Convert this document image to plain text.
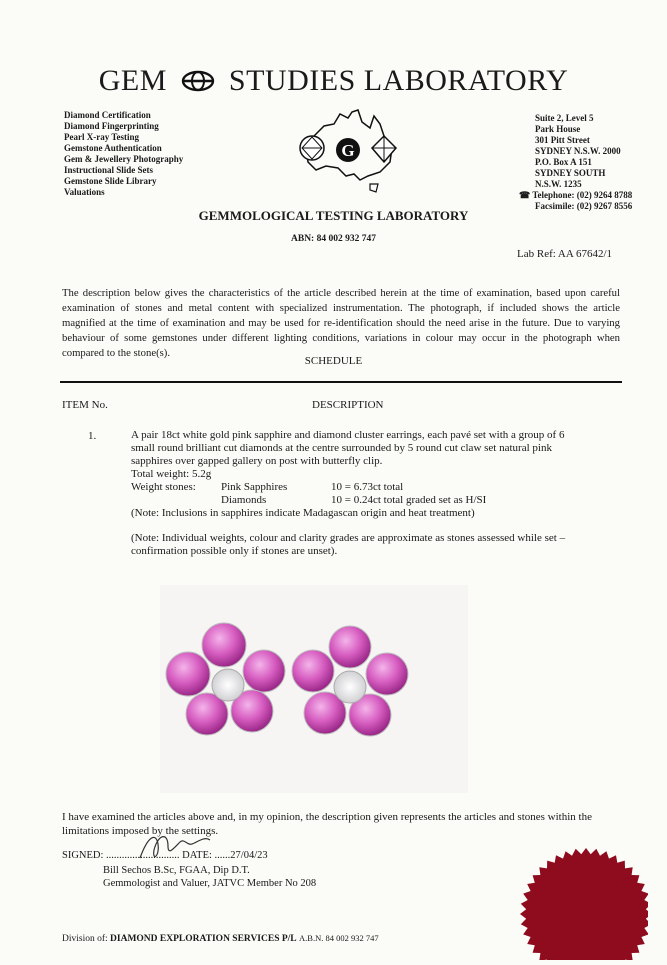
GEM STUDIES LABORATORY
Diamond Certification
Diamond Fingerprinting
Pearl X-ray Testing
Gemstone Authentication
Gem & Jewellery Photography
Instructional Slide Sets
Gemstone Slide Library
Valuations
G
Suite 2, Level 5
Park House
301 Pitt Street
SYDNEY N.S.W. 2000
P.O. Box A 151
SYDNEY SOUTH
N.S.W. 1235
☎ Telephone: (02) 9264 8788
Facsimile: (02) 9267 8556
GEMMOLOGICAL TESTING LABORATORY
ABN: 84 002 932 747
Lab Ref: AA 67642/1
The description below gives the characteristics of the article described herein at the time of examination, based upon careful examination of stones and metal content with specialized instrumentation. The photograph, if included shows the article magnified at the time of examination and may be used for re-identification should the need arise in the future. Due to varying behaviour of some gemstones under different lighting conditions, variations in colour may occur in the photograph when compared to the stone(s).
SCHEDULE
ITEM No.	DESCRIPTION
1.	A pair 18ct white gold pink sapphire and diamond cluster earrings, each pavé set with a group of 6 small round brilliant cut diamonds at the centre surrounded by 5 round cut claw set natural pink sapphires over gapped gallery on post with butterfly clip.
Total weight: 5.2g
Weight stones:	Pink Sapphires	10 = 6.73ct total
Diamonds	10 = 0.24ct total graded set as H/SI
(Note: Inclusions in sapphires indicate Madagascan origin and heat treatment)
(Note: Individual weights, colour and clarity grades are approximate as stones assessed while set – confirmation possible only if stones are unset).
I have examined the articles above and, in my opinion, the description given represents the articles and stones within the limitations imposed by the settings.
SIGNED: ............................ DATE: ......27/04/23
Bill Sechos B.Sc, FGAA, Dip D.T.
Gemmologist and Valuer, JATVC Member No 208
Division of: DIAMOND EXPLORATION SERVICES P/L A.B.N. 84 002 932 747
